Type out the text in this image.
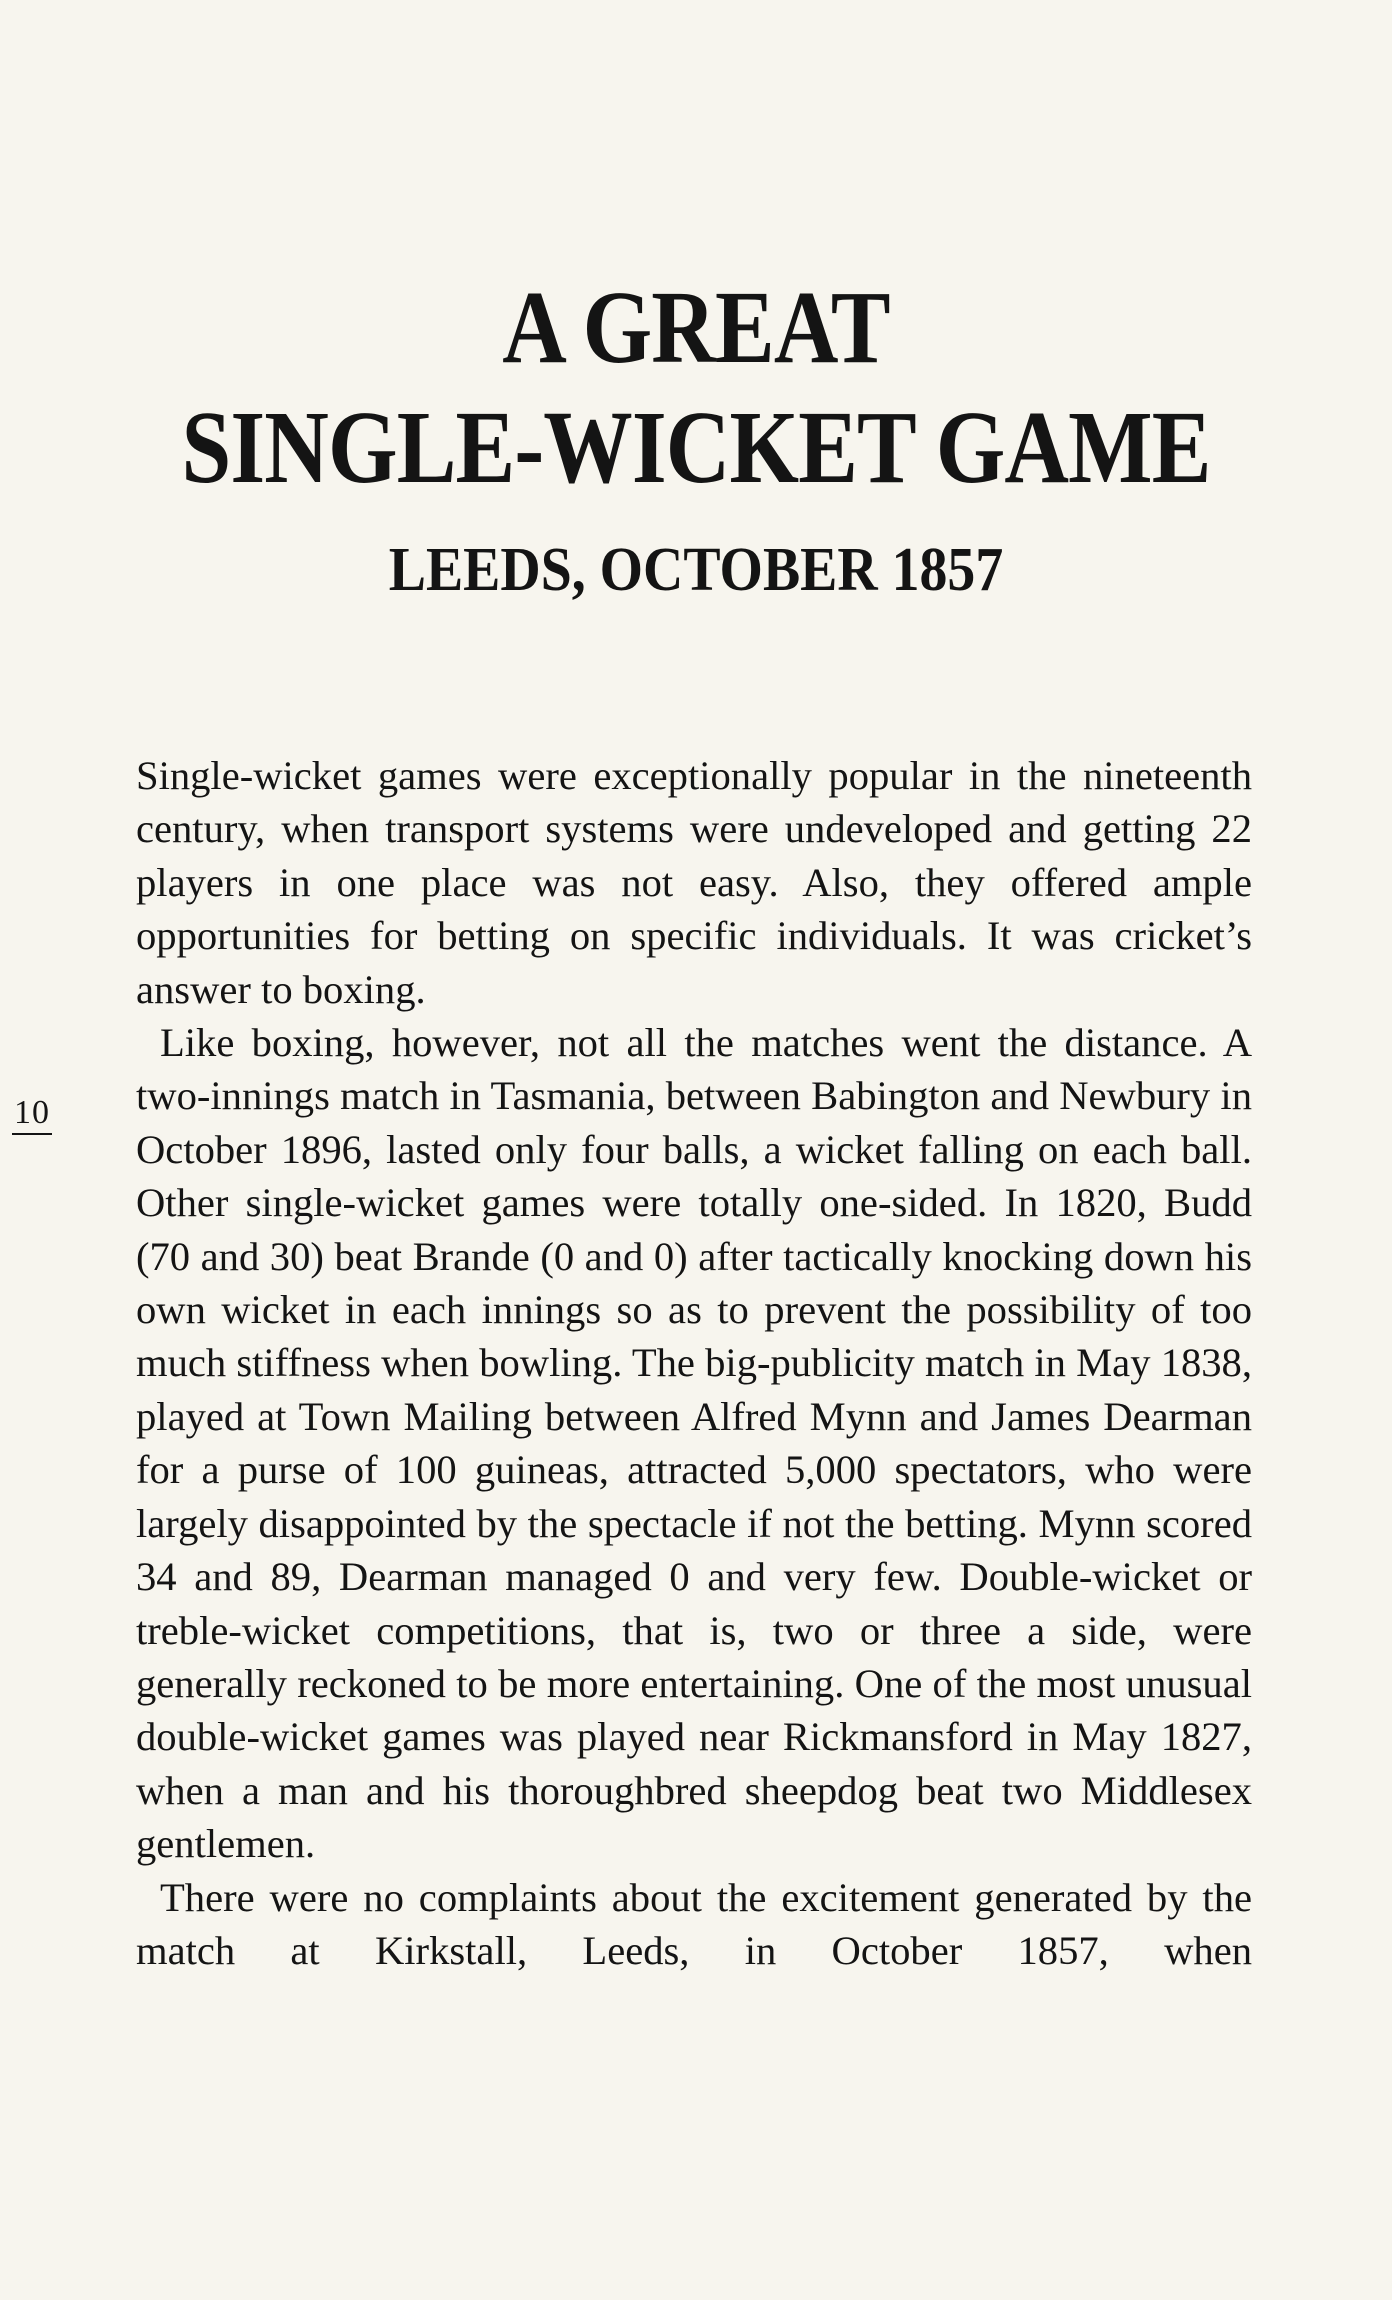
A GREAT
SINGLE-WICKET GAME
LEEDS, OCTOBER 1857
10

Single-wicket games were exceptionally popular in the nineteenth century, when transport systems were undeveloped and getting 22 players in one place was not easy. Also, they offered ample opportunities for betting on specific individuals. It was cricket’s answer to boxing.

Like boxing, however, not all the matches went the distance. A two-innings match in Tasmania, between Babington and Newbury in October 1896, lasted only four balls, a wicket falling on each ball. Other single-wicket games were totally one-sided. In 1820, Budd (70 and 30) beat Brande (0 and 0) after tactically knocking down his own wicket in each innings so as to prevent the possibility of too much stiffness when bowling. The big-publicity match in May 1838, played at Town Mailing between Alfred Mynn and James Dearman for a purse of 100 guineas, attracted 5,000 spectators, who were largely disappointed by the spectacle if not the betting. Mynn scored 34 and 89, Dearman managed 0 and very few. Double-wicket or treble-wicket competitions, that is, two or three a side, were generally reckoned to be more entertaining. One of the most unusual double-wicket games was played near Rickmansford in May 1827, when a man and his thoroughbred sheepdog beat two Middlesex gentlemen.

There were no complaints about the excitement generated by the match at Kirkstall, Leeds, in October 1857, when
